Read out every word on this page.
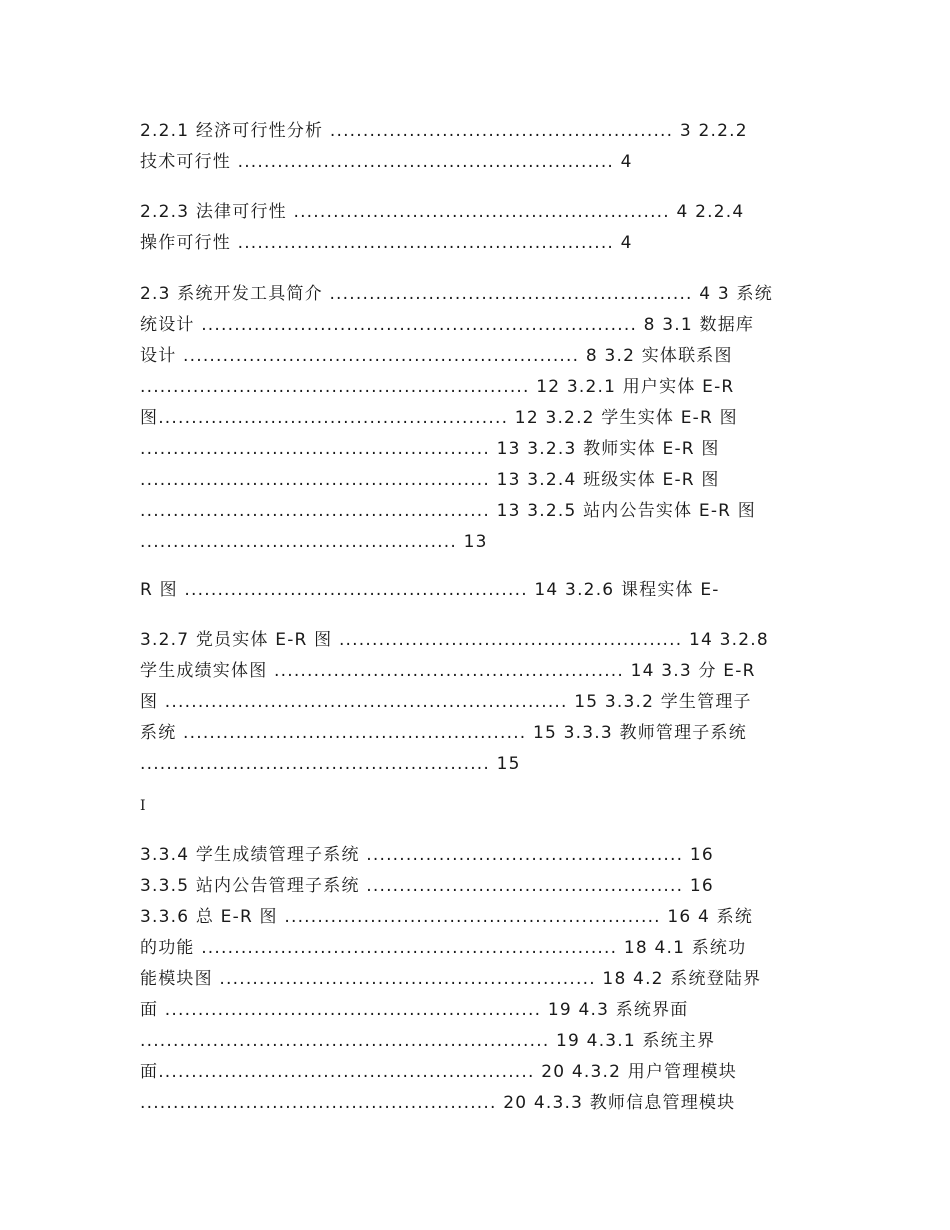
2.2.1 经济可行性分析 .................................................... 3 2.2.2
技术可行性 ......................................................... 4
2.2.3 法律可行性 ......................................................... 4 2.2.4
操作可行性 ......................................................... 4
2.3 系统开发工具简介 ....................................................... 4 3 系统
统设计 .................................................................. 8 3.1 数据库
设计 ............................................................ 8 3.2 实体联系图
........................................................... 12 3.2.1 用户实体 E-R
图..................................................... 12 3.2.2 学生实体 E-R 图
..................................................... 13 3.2.3 教师实体 E-R 图
..................................................... 13 3.2.4 班级实体 E-R 图
..................................................... 13 3.2.5 站内公告实体 E-R 图
................................................ 13
R 图 .................................................... 14 3.2.6 课程实体 E-
3.2.7 党员实体 E-R 图 .................................................... 14 3.2.8
学生成绩实体图 ..................................................... 14 3.3 分 E-R
图 ............................................................. 15 3.3.2 学生管理子
系统 .................................................... 15 3.3.3 教师管理子系统
..................................................... 15
I
3.3.4 学生成绩管理子系统 ................................................ 16
3.3.5 站内公告管理子系统 ................................................ 16
3.3.6 总 E-R 图 ......................................................... 16 4 系统
的功能 ............................................................... 18 4.1 系统功
能模块图 ......................................................... 18 4.2 系统登陆界
面 ......................................................... 19 4.3 系统界面
.............................................................. 19 4.3.1 系统主界
面......................................................... 20 4.3.2 用户管理模块
...................................................... 20 4.3.3 教师信息管理模块
